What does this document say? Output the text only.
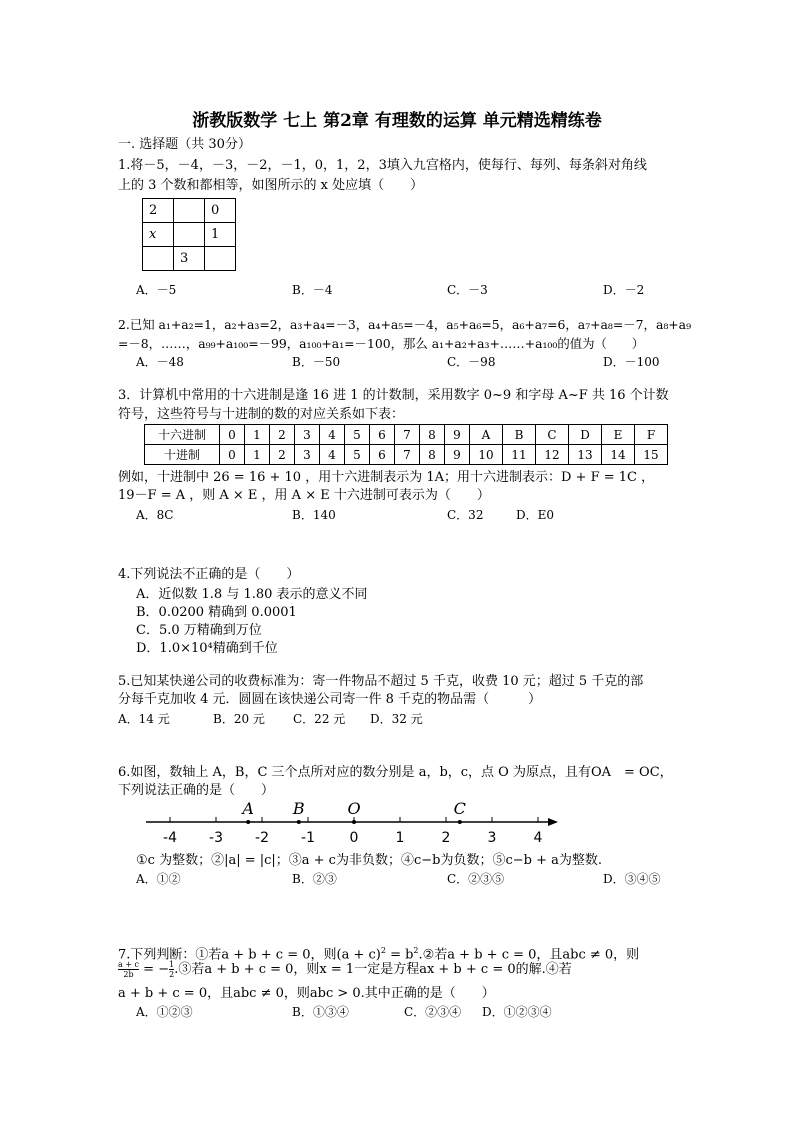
浙教版数学 七上 第2章 有理数的运算 单元精选精练卷
一. 选择题（共 30分）
1.将－5，－4，－3，－2，－1，0，1，2，3填入九宫格内，使每行、每列、每条斜对角线
上的 3 个数和都相等，如图所示的 x 处应填（　　）
2		0
x		1
	3	
A．－5	B．－4	C．－3	D．－2
2.已知 a₁+a₂=1，a₂+a₃=2，a₃+a₄=－3，a₄+a₅=－4，a₅+a₆=5，a₆+a₇=6，a₇+a₈=－7，a₈+a₉
=－8，……，a₉₉+a₁₀₀=－99，a₁₀₀+a₁=－100，那么 a₁+a₂+a₃+……+a₁₀₀的值为（　　）
A．－48	B．－50	C．－98	D．－100
3．计算机中常用的十六进制是逢 16 进 1 的计数制，采用数字 0~9 和字母 A~F 共 16 个计数
符号，这些符号与十进制的数的对应关系如下表：
十六进制	0	1	2	3	4	5	6	7	8	9	A	B	C	D	E	F
十进制	0	1	2	3	4	5	6	7	8	9	10	11	12	13	14	15
例如，十进制中 26 = 16 + 10 ，用十六进制表示为 1A；用十六进制表示：D + F = 1C ，
19－F = A ，则 A × E ，用 A × E 十六进制可表示为（　　）
A．8C	B．140	C．32	D．E0
4.下列说法不正确的是（　　）
A．近似数 1.8 与 1.80 表示的意义不同
B．0.0200 精确到 0.0001
C．5.0 万精确到万位
D．1.0×10⁴精确到千位
5.已知某快递公司的收费标准为：寄一件物品不超过 5 千克，收费 10 元；超过 5 千克的部
分每千克加收 4 元．圆圆在该快递公司寄一件 8 千克的物品需（　　　）
A．14 元	B．20 元 C．22 元 D．32 元
6.如图，数轴上 A，B，C 三个点所对应的数分别是 a，b，c，点 O 为原点，且有OA　= OC，
下列说法正确的是（　　）
-4 -3 -2 -1 0	1	2	3	4
A B	O	C
①c 为整数；②|a| = |c|；③a + c为非负数；④c−b为负数；⑤c−b + a为整数.
A．①②	B．②③	C．②③⑤	D．③④⑤
7.下列判断：①若a + b + c = 0，则$(a + c)^2$ = $b^2.②$若a + b + c = 0，且abc ≠ 0，则
$\frac{a + c}{2b}$ = − $\frac{1}{2}$ .③若a + b + c = 0，则x = 1一定是方程ax + b + c = 0的解.④若
a + b + c = 0，且abc ≠ 0，则abc > 0.其中正确的是（　　）
A．①②③	B．①③④	C．②③④ D．①②③④
